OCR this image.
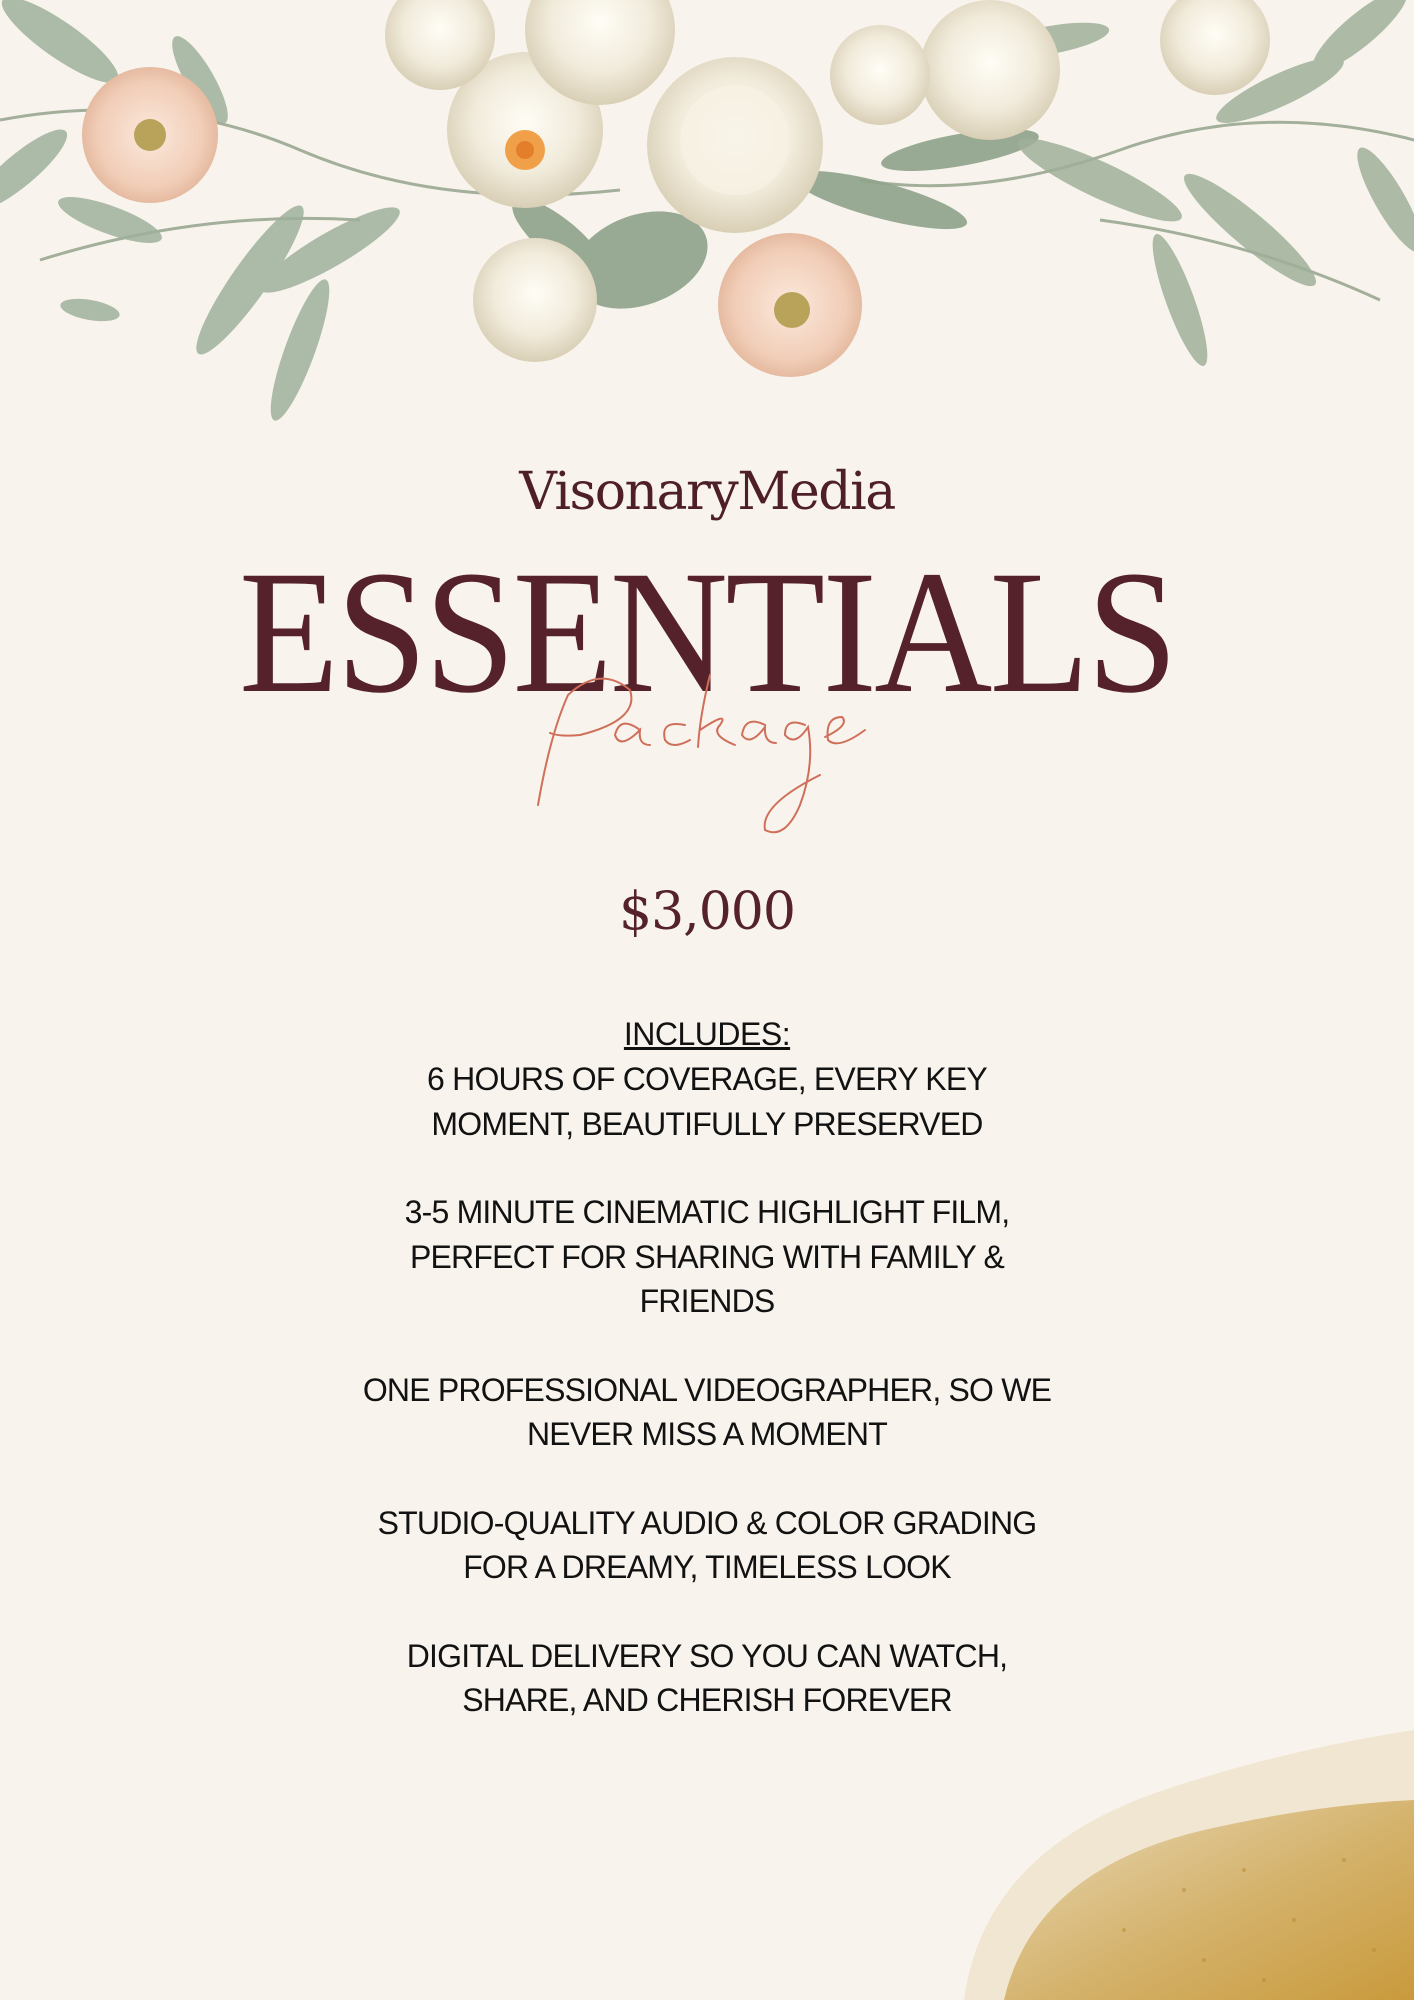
VisonaryMedia
ESSENTIALS
$3,000
INCLUDES:
6 HOURS OF COVERAGE, EVERY KEY MOMENT, BEAUTIFULLY PRESERVED
3-5 MINUTE CINEMATIC HIGHLIGHT FILM, PERFECT FOR SHARING WITH FAMILY & FRIENDS
ONE PROFESSIONAL VIDEOGRAPHER, SO WE NEVER MISS A MOMENT
STUDIO-QUALITY AUDIO & COLOR GRADING FOR A DREAMY, TIMELESS LOOK
DIGITAL DELIVERY SO YOU CAN WATCH, SHARE, AND CHERISH FOREVER
